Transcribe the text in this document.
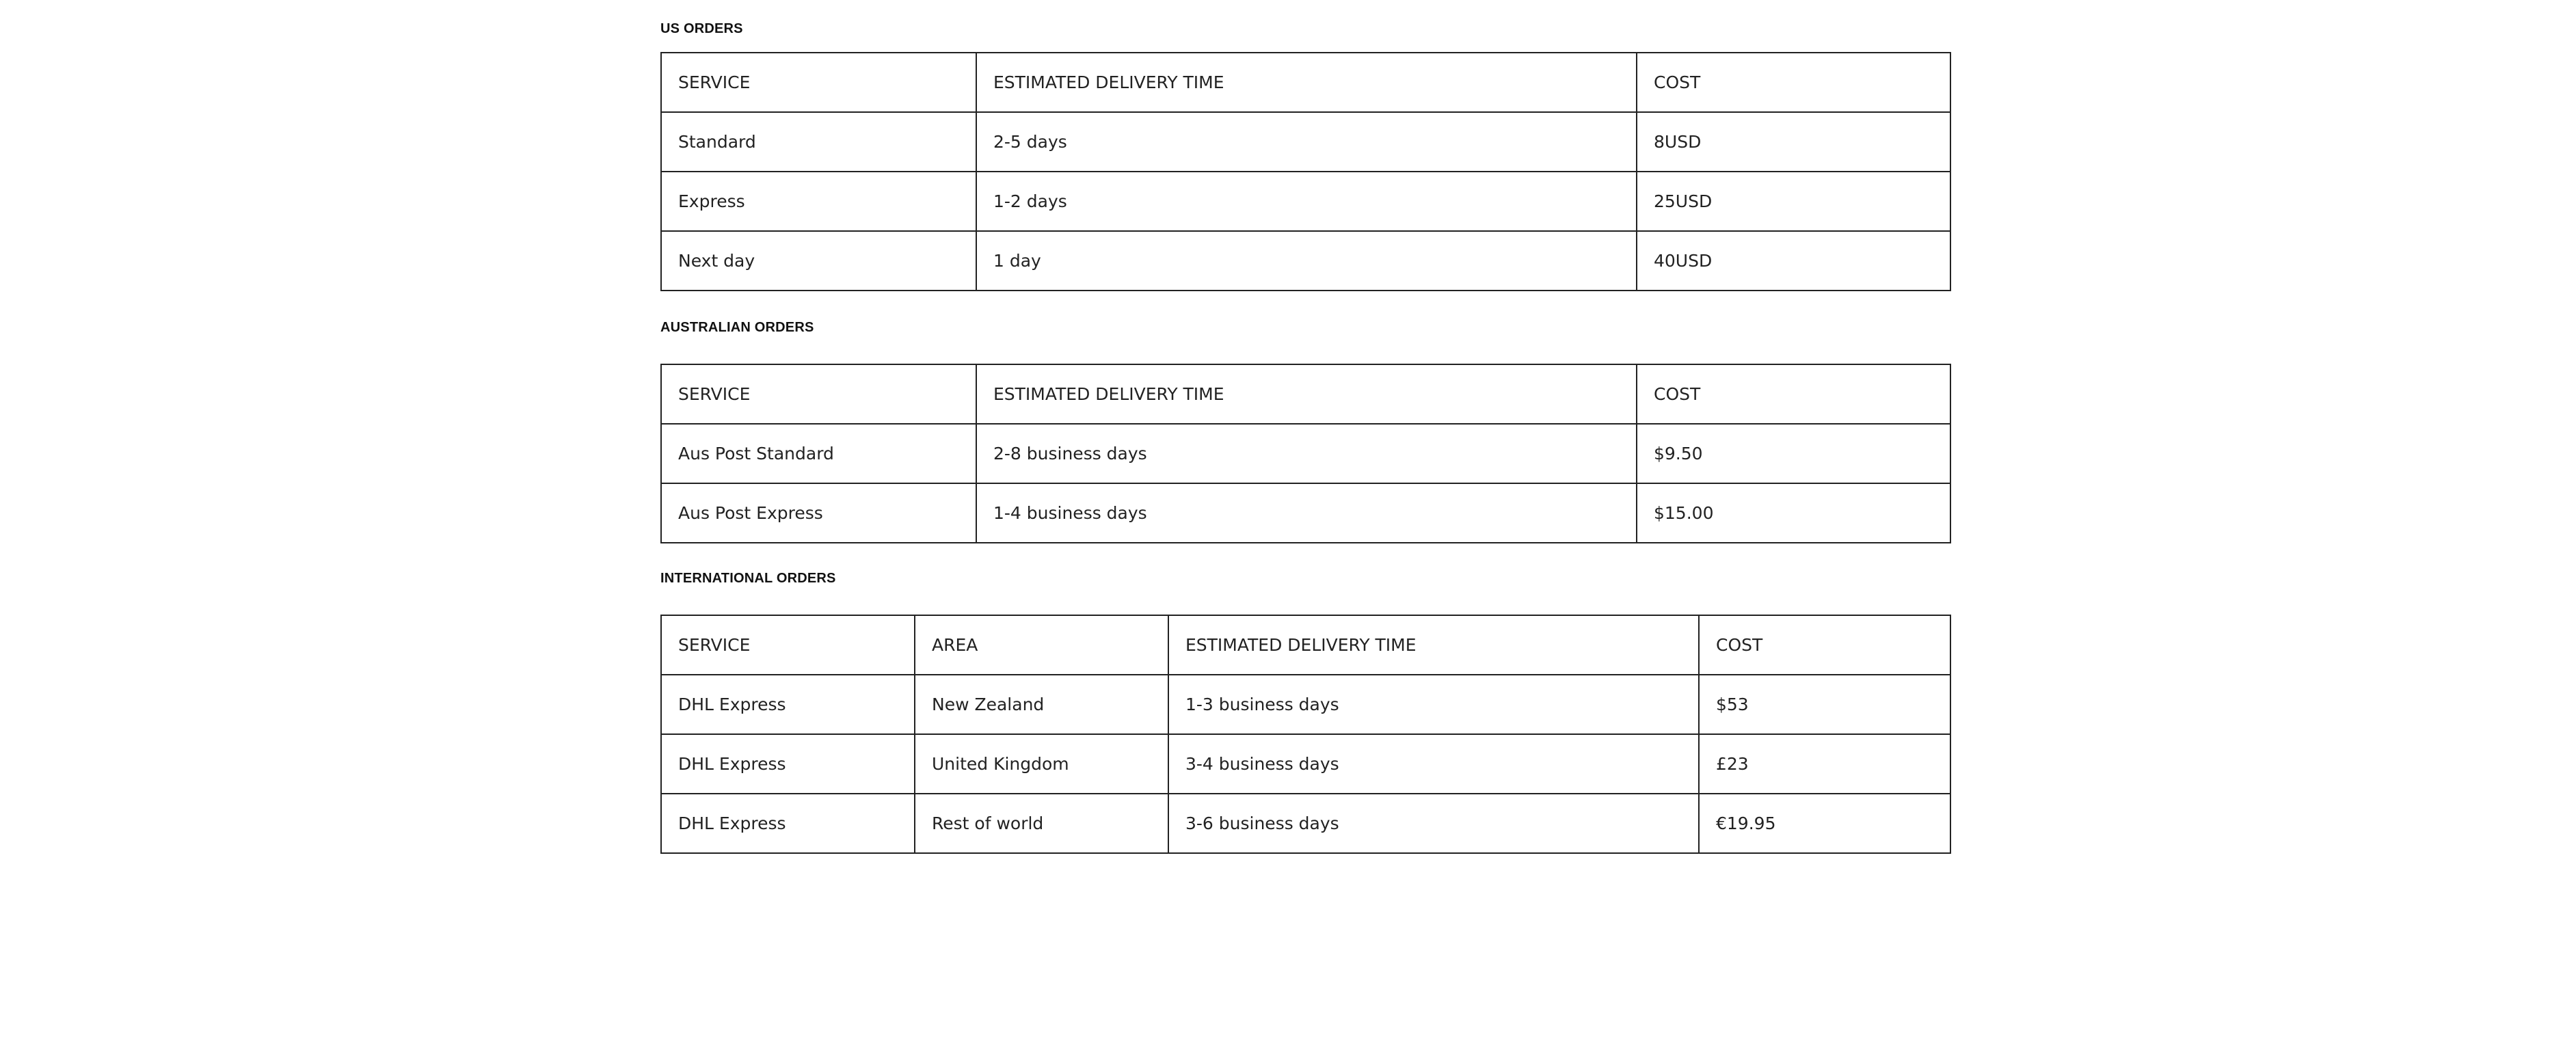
US ORDERS
SERVICE	ESTIMATED DELIVERY TIME	COST
Standard	2-5 days	8USD
Express	1-2 days	25USD
Next day	1 day	40USD
AUSTRALIAN ORDERS
SERVICE	ESTIMATED DELIVERY TIME	COST
Aus Post Standard	2-8 business days	$9.50
Aus Post Express	1-4 business days	$15.00
INTERNATIONAL ORDERS
SERVICE	AREA	ESTIMATED DELIVERY TIME	COST
DHL Express	New Zealand	1-3 business days	$53
DHL Express	United Kingdom	3-4 business days	£23
DHL Express	Rest of world	3-6 business days	€19.95
